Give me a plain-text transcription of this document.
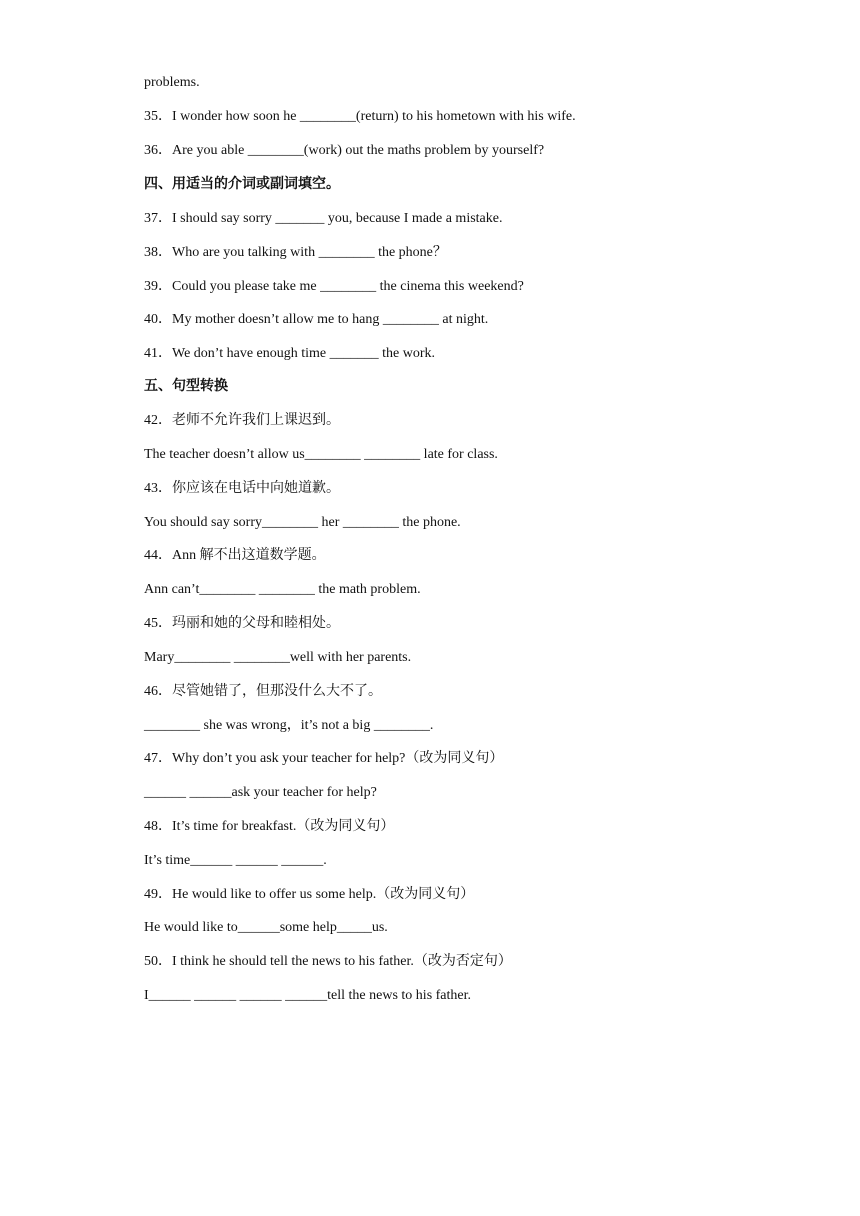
problems.
35．I wonder how soon he ________(return) to his hometown with his wife.
36．Are you able ________(work) out the maths problem by yourself?
四、用适当的介词或副词填空。
37．I should say sorry _______ you, because I made a mistake.
38．Who are you talking with ________ the phone？
39．Could you please take me ________ the cinema this weekend?
40．My mother doesn’t allow me to hang ________ at night.
41．We don’t have enough time _______ the work.
五、句型转换
42．老师不允许我们上课迟到。
The teacher doesn’t allow us________ ________ late for class.
43．你应该在电话中向她道歉。
You should say sorry________ her ________ the phone.
44．Ann 解不出这道数学题。
Ann can’t________ ________ the math problem.
45．玛丽和她的父母和睦相处。
Mary________ ________well with her parents.
46．尽管她错了，但那没什么大不了。
________ she was wrong，it’s not a big ________.
47．Why don’t you ask your teacher for help?（改为同义句）
______ ______ask your teacher for help?
48．It’s time for breakfast.（改为同义句）
It’s time______ ______ ______.
49．He would like to offer us some help.（改为同义句）
He would like to______some help_____us.
50．I think he should tell the news to his father.（改为否定句）
I______ ______ ______ ______tell the news to his father.
